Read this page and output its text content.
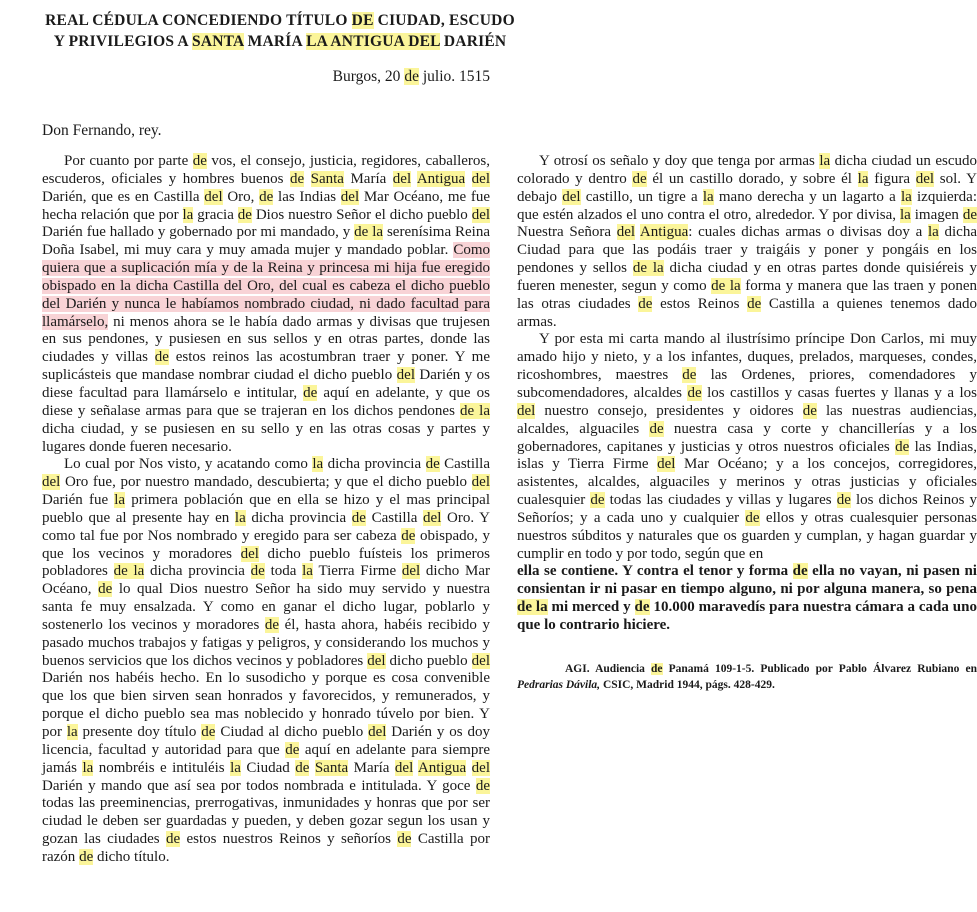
REAL CÉDULA CONCEDIENDO TÍTULO DE CIUDAD, ESCUDO
Y PRIVILEGIOS A SANTA MARÍA LA ANTIGUA DEL DARIÉN
Burgos, 20 de julio. 1515
Don Fernando, rey.

Por cuanto por parte de vos, el consejo, justicia, regidores, caballeros, escuderos, oficiales y hombres buenos de Santa María del Antigua del Darién, que es en Castilla del Oro, de las Indias del Mar Océano, me fue hecha relación que por la gracia de Dios nuestro Señor el dicho pueblo del Darién fue hallado y gobernado por mi mandado, y de la serenísima Reina Doña Isabel, mi muy cara y muy amada mujer y mandado poblar. Como quiera que a suplicación mía y de la Reina y princesa mi hija fue eregido obispado en la dicha Castilla del Oro, del cual es cabeza el dicho pueblo del Darién y nunca le habíamos nombrado ciudad, ni dado facultad para llamárselo, ni menos ahora se le había dado armas y divisas que trujesen en sus pendones, y pusiesen en sus sellos y en otras partes, donde las ciudades y villas de estos reinos las acostumbran traer y poner. Y me suplicásteis que mandase nombrar ciudad el dicho pueblo del Darién y os diese facultad para llamárselo e intitular, de aquí en adelante, y que os diese y señalase armas para que se trajeran en los dichos pendones de la dicha ciudad, y se pusiesen en su sello y en las otras cosas y partes y lugares donde fueren necesario.

Lo cual por Nos visto, y acatando como la dicha provincia de Castilla del Oro fue, por nuestro mandado, descubierta; y que el dicho pueblo del Darién fue la primera población que en ella se hizo y el mas principal pueblo que al presente hay en la dicha provincia de Castilla del Oro. Y como tal fue por Nos nombrado y eregido para ser cabeza de obispado, y que los vecinos y moradores del dicho pueblo fuísteis los primeros pobladores de la dicha provincia de toda la Tierra Firme del dicho Mar Océano, de lo qual Dios nuestro Señor ha sido muy servido y nuestra santa fe muy ensalzada. Y como en ganar el dicho lugar, poblarlo y sostenerlo los vecinos y moradores de él, hasta ahora, habéis recibido y pasado muchos trabajos y fatigas y peligros, y considerando los muchos y buenos servicios que los dichos vecinos y pobladores del dicho pueblo del Darién nos habéis hecho. En lo susodicho y porque es cosa convenible que los que bien sirven sean honrados y favorecidos, y remunerados, y porque el dicho pueblo sea mas noblecido y honrado túvelo por bien. Y por la presente doy título de Ciudad al dicho pueblo del Darién y os doy licencia, facultad y autoridad para que de aquí en adelante para siempre jamás la nombréis e intituléis la Ciudad de Santa María del Antigua del Darién y mando que así sea por todos nombrada e intitulada. Y goce de todas las preeminencias, prerrogativas, inmunidades y honras que por ser ciudad le deben ser guardadas y pueden, y deben gozar segun los usan y gozan las ciudades de estos nuestros Reinos y señoríos de Castilla por razón de dicho título.

Y otrosí os señalo y doy que tenga por armas la dicha ciudad un escudo colorado y dentro de él un castillo dorado, y sobre él la figura del sol. Y debajo del castillo, un tigre a la mano derecha y un lagarto a la izquierda: que estén alzados el uno contra el otro, alrededor. Y por divisa, la imagen de Nuestra Señora del Antigua: cuales dichas armas o divisas doy a la dicha Ciudad para que las podáis traer y traigáis y poner y pongáis en los pendones y sellos de la dicha ciudad y en otras partes donde quisiéreis y fueren menester, segun y como de la forma y manera que las traen y ponen las otras ciudades de estos Reinos de Castilla a quienes tenemos dado armas.

Y por esta mi carta mando al ilustrísimo príncipe Don Carlos, mi muy amado hijo y nieto, y a los infantes, duques, prelados, marqueses, condes, ricoshombres, maestres de las Ordenes, priores, comendadores y subcomendadores, alcaldes de los castillos y casas fuertes y llanas y a los del nuestro consejo, presidentes y oidores de las nuestras audiencias, alcaldes, alguaciles de nuestra casa y corte y chancillerías y a los gobernadores, capitanes y justicias y otros nuestros oficiales de las Indias, islas y Tierra Firme del Mar Océano; y a los concejos, corregidores, asistentes, alcaldes, alguaciles y merinos y otras justicias y oficiales cualesquier de todas las ciudades y villas y lugares de los dichos Reinos y Señoríos; y a cada uno y cualquier de ellos y otras cualesquier personas nuestros súbditos y naturales que os guarden y cumplan, y hagan guardar y cumplir en todo y por todo, según que en

ella se contiene. Y contra el tenor y forma de ella no vayan, ni pasen ni consientan ir ni pasar en tiempo alguno, ni por alguna manera, so pena de la mi merced y de 10.000 maravedís para nuestra cámara a cada uno que lo contrario hiciere.

AGI. Audiencia de Panamá 109-1-5. Publicado por Pablo Álvarez Rubiano en Pedrarias Dávila, CSIC, Madrid 1944, págs. 428-429.
